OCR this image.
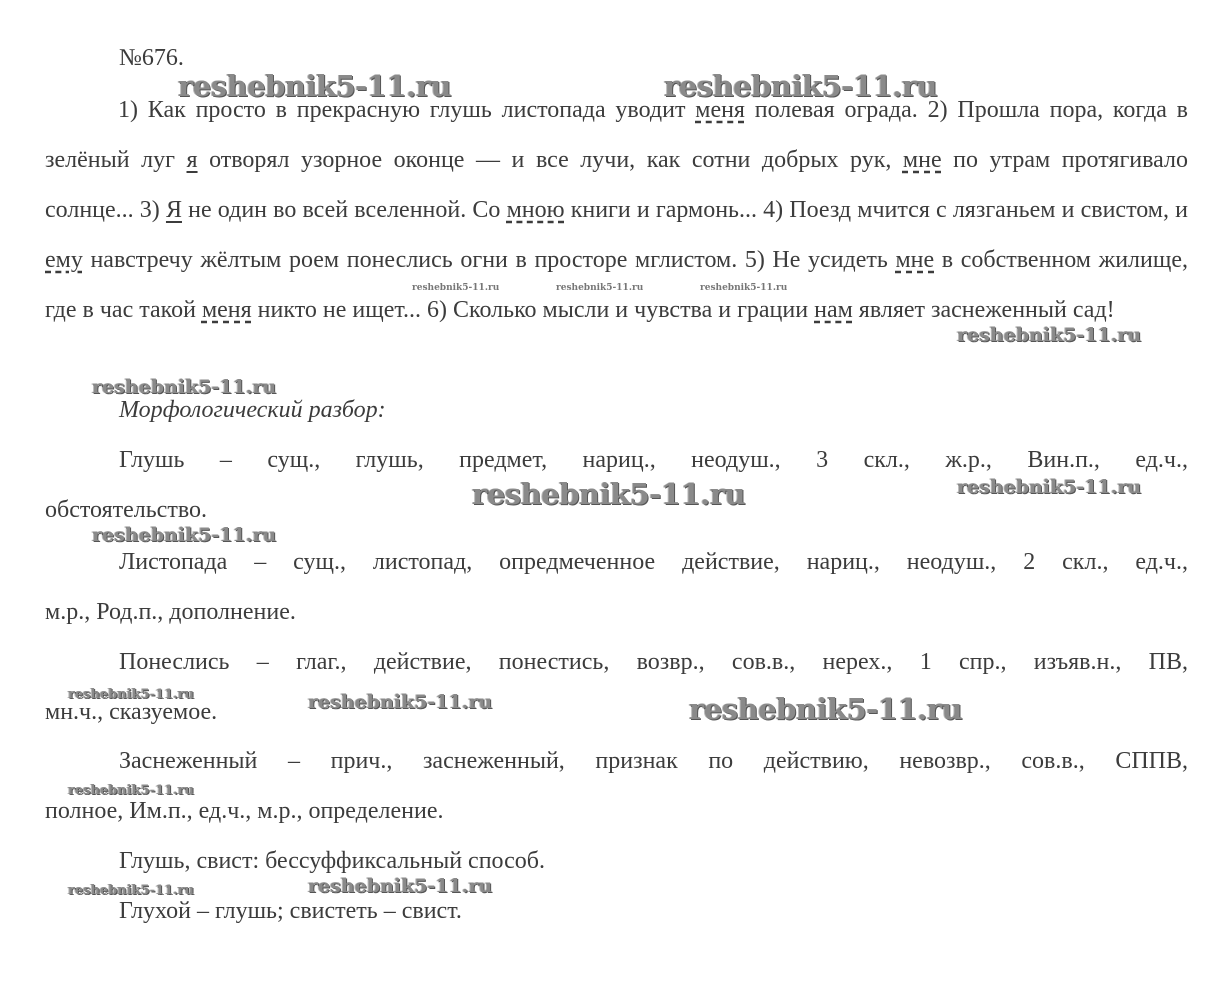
reshebnik5-11.ru	reshebnik5-11.ru
reshebnik5-11.ru	reshebnik5-11.ru	reshebnik5-11.ru
reshebnik5-11.ru
reshebnik5-11.ru
reshebnik5-11.ru	reshebnik5-11.ru
reshebnik5-11.ru
reshebnik5-11.ru	reshebnik5-11.ru	reshebnik5-11.ru
reshebnik5-11.ru
reshebnik5-11.ru	reshebnik5-11.ru
№676.
1) Как просто в прекрасную глушь листопада уводит меня полевая ограда. 2) Прошла пора, когда в зелёный луг я отворял узорное оконце — и все лучи, как сотни добрых рук, мне по утрам протягивало солнце... 3) Я не один во всей вселенной. Со мною книги и гармонь... 4) Поезд мчится с лязганьем и свистом, и ему навстречу жёлтым роем понеслись огни в просторе мглистом. 5) Не усидеть мне в собственном жилище, где в час такой меня никто не ищет... 6) Сколько мысли и чувства и грации нам являет заснеженный сад!
Морфологический разбор:
Глушь – сущ., глушь, предмет, нариц., неодуш., 3 скл., ж.р., Вин.п., ед.ч.,
обстоятельство.
Листопада – сущ., листопад, опредмеченное действие, нариц., неодуш., 2 скл., ед.ч.,
м.р., Род.п., дополнение.
Понеслись – глаг., действие, понестись, возвр., сов.в., нерех., 1 спр., изъяв.н., ПВ,
мн.ч., сказуемое.
Заснеженный – прич., заснеженный, признак по действию, невозвр., сов.в., СППВ,
полное, Им.п., ед.ч., м.р., определение.
Глушь, свист: бессуффиксальный способ.
Глухой – глушь; свистеть – свист.
